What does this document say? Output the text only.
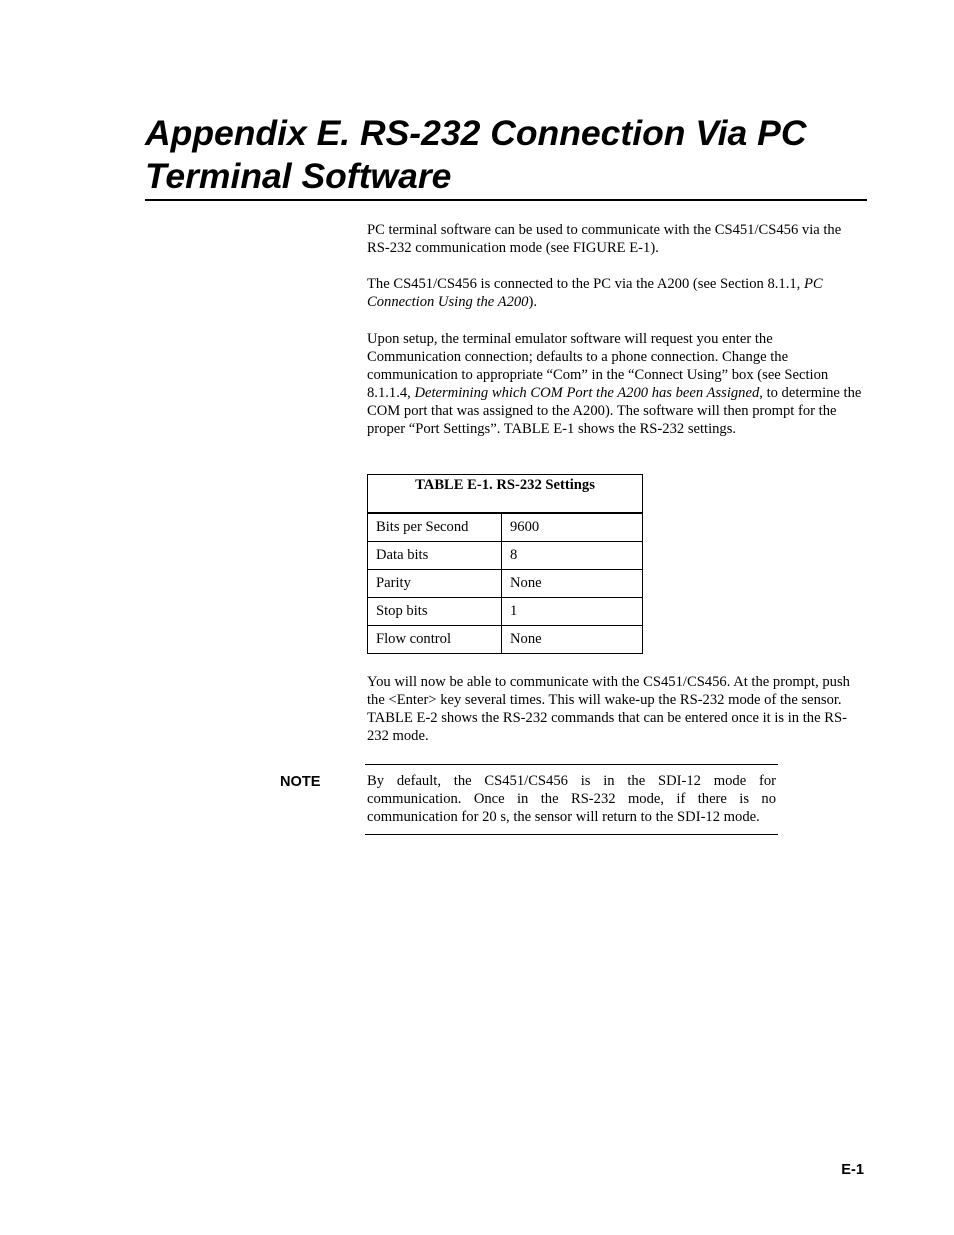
Appendix E. RS-232 Connection Via PC Terminal Software

PC terminal software can be used to communicate with the CS451/CS456 via the RS-232 communication mode (see FIGURE E-1).

The CS451/CS456 is connected to the PC via the A200 (see Section 8.1.1, PC Connection Using the A200).

Upon setup, the terminal emulator software will request you enter the Communication connection; defaults to a phone connection. Change the communication to appropriate “Com” in the “Connect Using” box (see Section 8.1.1.4, Determining which COM Port the A200 has been Assigned, to determine the COM port that was assigned to the A200). The software will then prompt for the proper “Port Settings”. TABLE E-1 shows the RS-232 settings.

TABLE E-1. RS-232 Settings	

Bits per Second	9600
Data bits	8
Parity	None
Stop bits	1
Flow control	None

You will now be able to communicate with the CS451/CS456. At the prompt, push the <Enter> key several times. This will wake-up the RS-232 mode of the sensor. TABLE E-2 shows the RS-232 commands that can be entered once it is in the RS-232 mode.

NOTE	By default, the CS451/CS456 is in the SDI-12 mode for communication. Once in the RS-232 mode, if there is no communication for 20 s, the sensor will return to the SDI-12 mode.

E-1
